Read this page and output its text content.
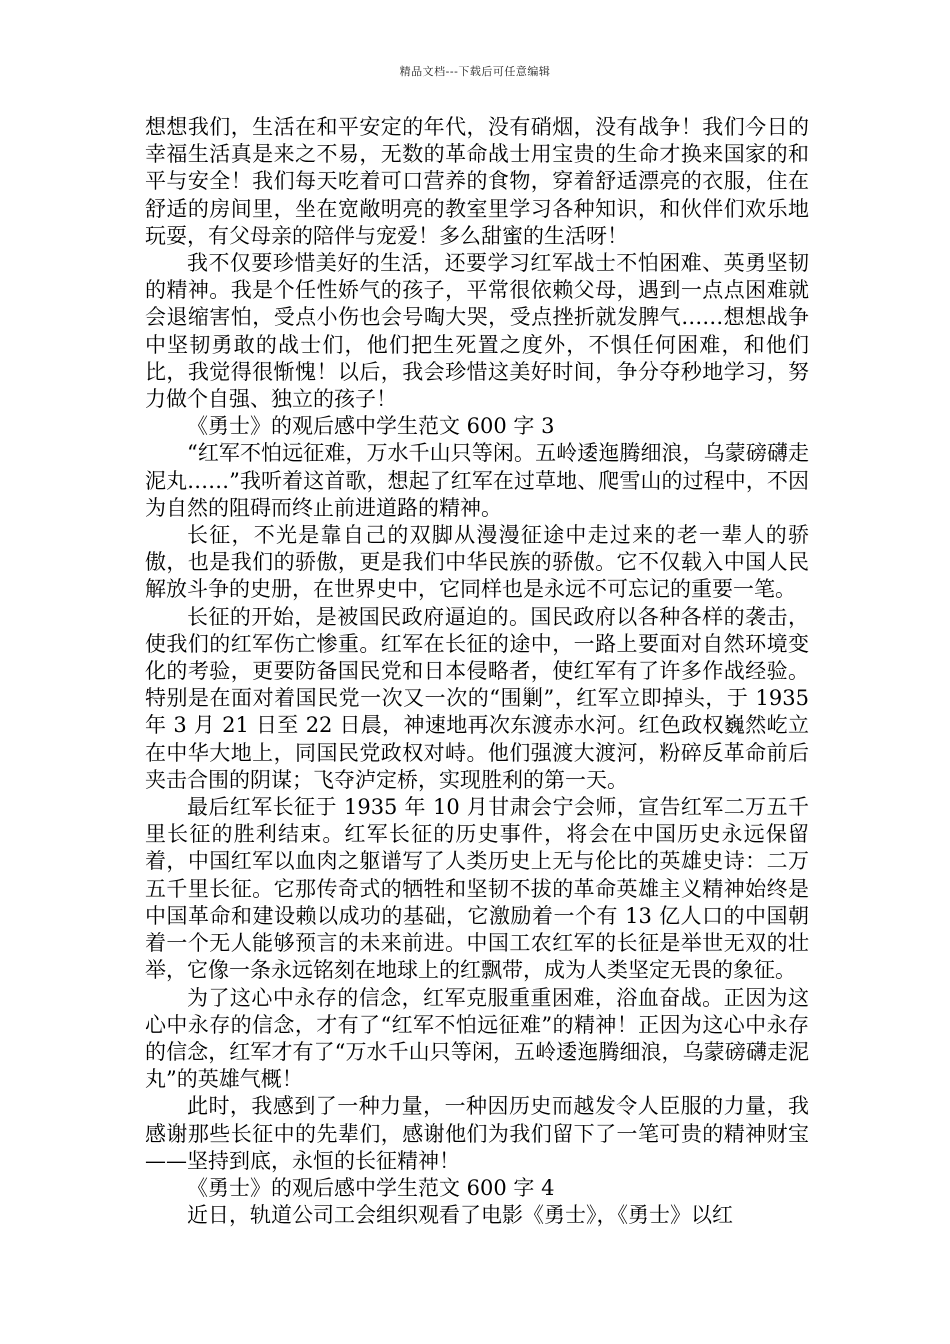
精品文档---下载后可任意编辑

想想我们，生活在和平安定的年代，没有硝烟，没有战争！我们今日的幸福生活真是来之不易，无数的革命战士用宝贵的生命才换来国家的和平与安全！我们每天吃着可口营养的食物，穿着舒适漂亮的衣服，住在舒适的房间里，坐在宽敞明亮的教室里学习各种知识，和伙伴们欢乐地玩耍，有父母亲的陪伴与宠爱！多么甜蜜的生活呀！

我不仅要珍惜美好的生活，还要学习红军战士不怕困难、英勇坚韧的精神。我是个任性娇气的孩子，平常很依赖父母，遇到一点点困难就会退缩害怕，受点小伤也会号啕大哭，受点挫折就发脾气……想想战争中坚韧勇敢的战士们，他们把生死置之度外，不惧任何困难，和他们比，我觉得很惭愧！以后，我会珍惜这美好时间，争分夺秒地学习，努力做个自强、独立的孩子！

《勇士》的观后感中学生范文 600 字 3

“红军不怕远征难，万水千山只等闲。五岭逶迤腾细浪，乌蒙磅礴走泥丸……”我听着这首歌，想起了红军在过草地、爬雪山的过程中，不因为自然的阻碍而终止前进道路的精神。

长征，不光是靠自己的双脚从漫漫征途中走过来的老一辈人的骄傲，也是我们的骄傲，更是我们中华民族的骄傲。它不仅载入中国人民解放斗争的史册，在世界史中，它同样也是永远不可忘记的重要一笔。

长征的开始，是被国民政府逼迫的。国民政府以各种各样的袭击，使我们的红军伤亡惨重。红军在长征的途中，一路上要面对自然环境变化的考验，更要防备国民党和日本侵略者，使红军有了许多作战经验。特别是在面对着国民党一次又一次的“围剿”，红军立即掉头，于 1935 年 3 月 21 日至 22 日晨，神速地再次东渡赤水河。红色政权巍然屹立在中华大地上，同国民党政权对峙。他们强渡大渡河，粉碎反革命前后夹击合围的阴谋；飞夺泸定桥，实现胜利的第一天。

最后红军长征于 1935 年 10 月甘肃会宁会师，宣告红军二万五千里长征的胜利结束。红军长征的历史事件，将会在中国历史永远保留着，中国红军以血肉之躯谱写了人类历史上无与伦比的英雄史诗：二万五千里长征。它那传奇式的牺牲和坚韧不拔的革命英雄主义精神始终是中国革命和建设赖以成功的基础，它激励着一个有 13 亿人口的中国朝着一个无人能够预言的未来前进。中国工农红军的长征是举世无双的壮举，它像一条永远铭刻在地球上的红飘带，成为人类坚定无畏的象征。

为了这心中永存的信念，红军克服重重困难，浴血奋战。正因为这心中永存的信念，才有了“红军不怕远征难”的精神！正因为这心中永存的信念，红军才有了“万水千山只等闲，五岭逶迤腾细浪，乌蒙磅礴走泥丸”的英雄气概！

此时，我感到了一种力量，一种因历史而越发令人臣服的力量，我感谢那些长征中的先辈们，感谢他们为我们留下了一笔可贵的精神财宝——坚持到底，永恒的长征精神！

《勇士》的观后感中学生范文 600 字 4

近日，轨道公司工会组织观看了电影《勇士》，《勇士》以红
